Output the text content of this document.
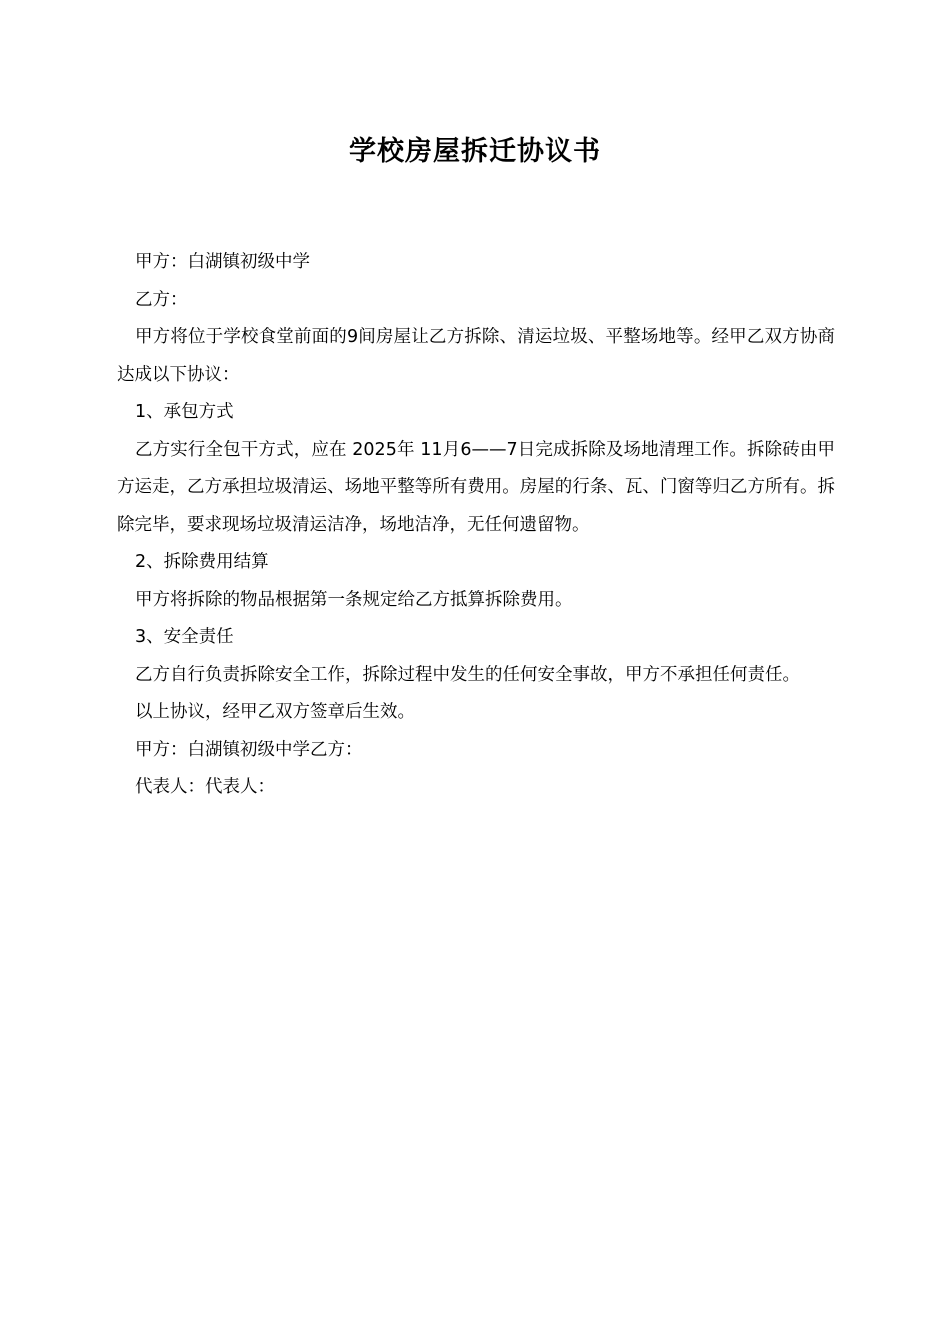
学校房屋拆迁协议书

甲方：白湖镇初级中学

乙方：

甲方将位于学校食堂前面的9间房屋让乙方拆除、清运垃圾、平整场地等。经甲乙双方协商达成以下协议：

1、承包方式

乙方实行全包干方式，应在 2025年 11月6——7日完成拆除及场地清理工作。拆除砖由甲方运走，乙方承担垃圾清运、场地平整等所有费用。房屋的行条、瓦、门窗等归乙方所有。拆除完毕，要求现场垃圾清运洁净，场地洁净，无任何遗留物。

2、拆除费用结算

甲方将拆除的物品根据第一条规定给乙方抵算拆除费用。

3、安全责任

乙方自行负责拆除安全工作，拆除过程中发生的任何安全事故，甲方不承担任何责任。

以上协议，经甲乙双方签章后生效。

甲方：白湖镇初级中学乙方：

代表人：代表人：
